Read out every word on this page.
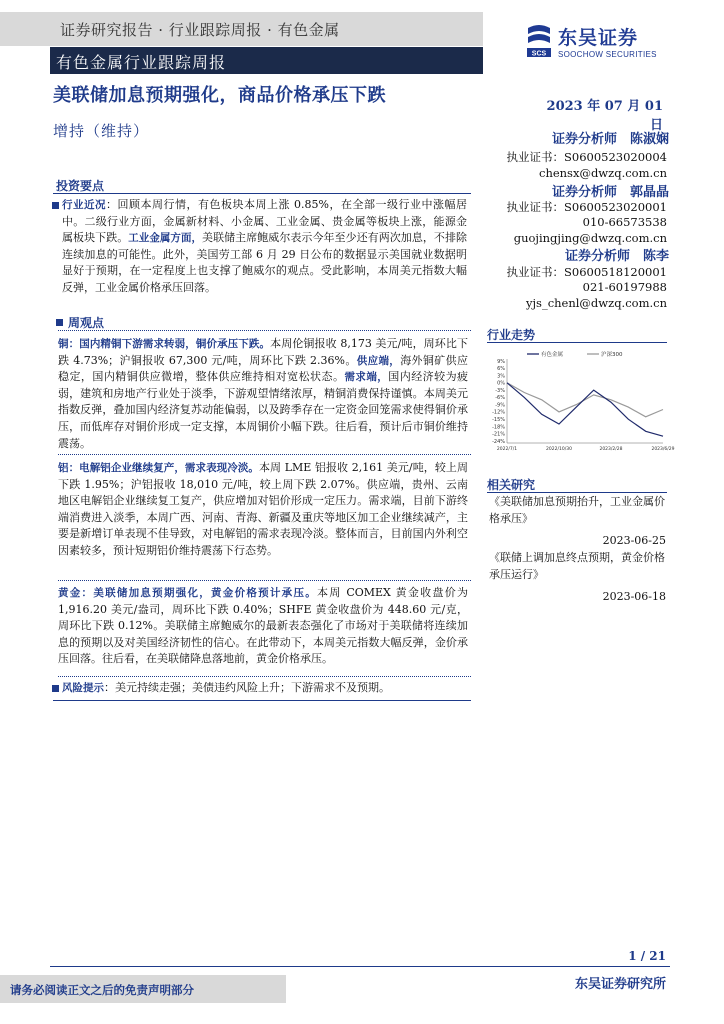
证券研究报告 · 行业跟踪周报 · 有色金属
有色金属行业跟踪周报	SCS
东吴证券
SOOCHOW SECURITIES
美联储加息预期强化，商品价格承压下跌
2023 年 07 月 01 日
增持（维持）	证券分析师　陈淑娴
执业证书：S0600523020004
chensx@dwzq.com.cn
证券分析师　郭晶晶
执业证书：S0600523020001
010-66573538
guojingjing@dwzq.com.cn
证券分析师　陈李
执业证书：S0600518120001
021-60197988
yjs_chenl@dwzq.com.cn
投资要点
行业近况：回顾本周行情，有色板块本周上涨 0.85%，在全部一级行业中涨幅居中。二级行业方面，金属新材料、小金属、工业金属、贵金属等板块上涨，能源金属板块下跌。工业金属方面，美联储主席鲍威尔表示今年至少还有两次加息，不排除连续加息的可能性。此外，美国劳工部 6 月 29 日公布的数据显示美国就业数据明显好于预期，在一定程度上也支撑了鲍威尔的观点。受此影响，本周美元指数大幅反弹，工业金属价格承压回落。
周观点
铜：国内精铜下游需求转弱，铜价承压下跌。本周伦铜报收 8,173 美元/吨，周环比下跌 4.73%；沪铜报收 67,300 元/吨，周环比下跌 2.36%。供应端，海外铜矿供应稳定，国内精铜供应微增，整体供应维持相对宽松状态。需求端，国内经济较为疲弱，建筑和房地产行业处于淡季，下游观望情绪浓厚，精铜消费保持谨慎。本周美元指数反弹，叠加国内经济复苏动能偏弱，以及跨季存在一定资金回笼需求使得铜价承压，而低库存对铜价形成一定支撑，本周铜价小幅下跌。往后看，预计后市铜价维持震荡。
铝：电解铝企业继续复产，需求表现冷淡。本周 LME 铝报收 2,161 美元/吨，较上周下跌 1.95%；沪铝报收 18,010 元/吨，较上周下跌 2.07%。供应端，贵州、云南地区电解铝企业继续复工复产，供应增加对铝价形成一定压力。需求端，目前下游终端消费进入淡季，本周广西、河南、青海、新疆及重庆等地区加工企业继续减产，主要是新增订单表现不佳导致，对电解铝的需求表现冷淡。整体而言，目前国内外利空因素较多，预计短期铝价维持震荡下行态势。
黄金：美联储加息预期强化，黄金价格预计承压。本周 COMEX 黄金收盘价为 1,916.20 美元/盎司，周环比下跌 0.40%；SHFE 黄金收盘价为 448.60 元/克，周环比下跌 0.12%。美联储主席鲍威尔的最新表态强化了市场对于美联储将连续加息的预期以及对美国经济韧性的信心。在此带动下，本周美元指数大幅反弹，金价承压回落。往后看，在美联储降息落地前，黄金价格承压。
风险提示：美元持续走强；美债违约风险上升；下游需求不及预期。
行业走势
9%
6%
3%
0%
-3%
-6%
-9%
-12%
-15%
-18%
-21%
-24%
2022/7/1	2022/10/30	2023/2/28	2023/6/29
有色金属	沪深300
相关研究
《美联储加息预期抬升，工业金属价格承压》
2023-06-25
《联储上调加息终点预期，黄金价格承压运行》
2023-06-18
1 / 21
东吴证券研究所
请务必阅读正文之后的免责声明部分
